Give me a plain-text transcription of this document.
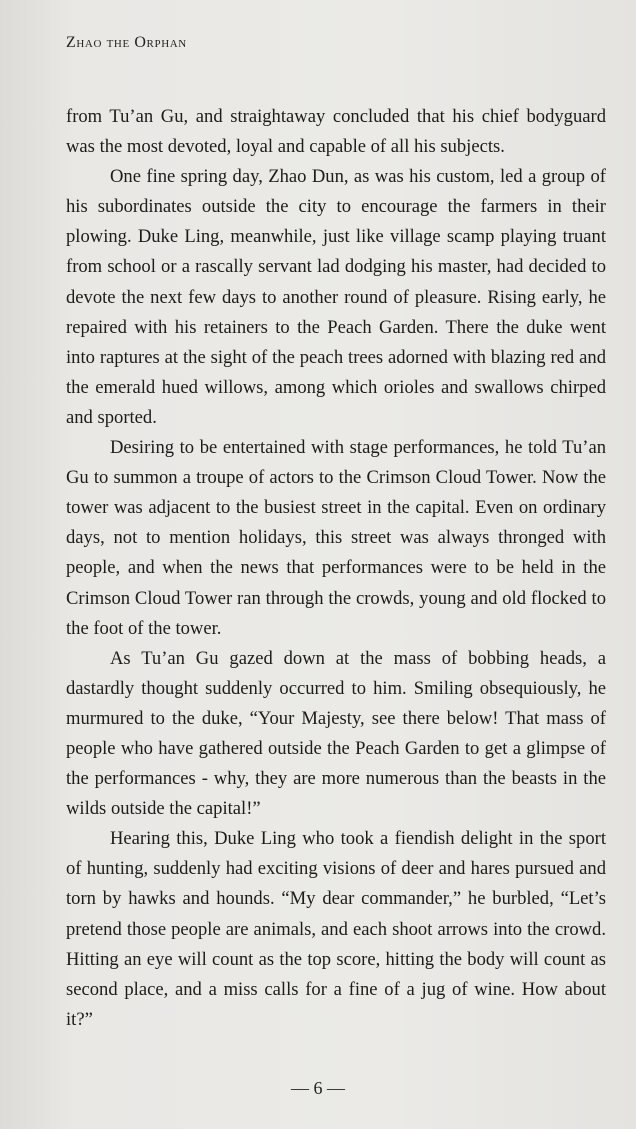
Zhao the Orphan

from Tu’an Gu, and straightaway concluded that his chief bodyguard was the most devoted, loyal and capable of all his subjects.

One fine spring day, Zhao Dun, as was his custom, led a group of his subordinates outside the city to encourage the farmers in their plowing. Duke Ling, meanwhile, just like village scamp playing truant from school or a rascally servant lad dodging his master, had decided to devote the next few days to another round of pleasure. Rising early, he repaired with his retainers to the Peach Garden. There the duke went into raptures at the sight of the peach trees adorned with blazing red and the emerald hued willows, among which orioles and swallows chirped and sported.

Desiring to be entertained with stage performances, he told Tu’an Gu to summon a troupe of actors to the Crimson Cloud Tower. Now the tower was adjacent to the busiest street in the capital. Even on ordinary days, not to mention holidays, this street was always thronged with people, and when the news that performances were to be held in the Crimson Cloud Tower ran through the crowds, young and old flocked to the foot of the tower.

As Tu’an Gu gazed down at the mass of bobbing heads, a dastardly thought suddenly occurred to him. Smiling obsequiously, he murmured to the duke, “Your Majesty, see there below! That mass of people who have gathered outside the Peach Garden to get a glimpse of the performances - why, they are more numerous than the beasts in the wilds outside the capital!”

Hearing this, Duke Ling who took a fiendish delight in the sport of hunting, suddenly had exciting visions of deer and hares pursued and torn by hawks and hounds. “My dear commander,” he burbled, “Let’s pretend those people are animals, and each shoot arrows into the crowd. Hitting an eye will count as the top score, hitting the body will count as second place, and a miss calls for a fine of a jug of wine. How about it?”

— 6 —
